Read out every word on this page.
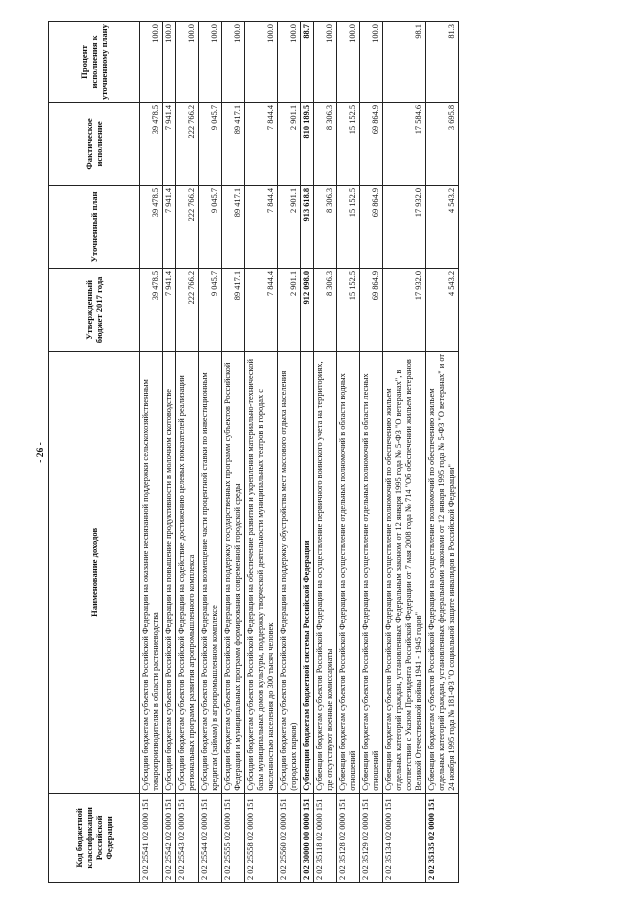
- 26 -
Код бюджетной классификации Российской Федерации	Наименование доходов	Утвержденный бюджет 2017 года	Уточненный план	Фактическое исполнение	Процент исполнения к уточненному плану
2 02 25541 02 0000 151	Субсидии бюджетам субъектов Российской Федерации на оказание несвязанной поддержки сельскохозяйственным товаропроизводителям в области растениеводства	39 478.5	39 478.5	39 478.5	100.0
2 02 25542 02 0000 151	Субсидии бюджетам субъектов Российской Федерации на повышение продуктивности в молочном скотоводстве	7 941.4	7 941.4	7 941.4	100.0
2 02 25543 02 0000 151	Субсидии бюджетам субъектов Российской Федерации на содействие достижению целевых показателей реализации региональных программ развития агропромышленного комплекса	222 766.2	222 766.2	222 766.2	100.0
2 02 25544 02 0000 151	Субсидии бюджетам субъектов Российской Федерации на возмещение части процентной ставки по инвестиционным кредитам (займам) в агропромышленном комплексе	9 045.7	9 045.7	9 045.7	100.0
2 02 25555 02 0000 151	Субсидии бюджетам субъектов Российской Федерации на поддержку государственных программ субъектов Российской Федерации и муниципальных программ формирования современной городской среды	89 417.1	89 417.1	89 417.1	100.0
2 02 25558 02 0000 151	Субсидии бюджетам субъектов Российской Федерации на обеспечение развития и укрепления материально-технической базы муниципальных домов культуры, поддержку творческой деятельности муниципальных театров в городах с численностью населения до 300 тысяч человек	7 844.4	7 844.4	7 844.4	100.0
2 02 25560 02 0000 151	Субсидии бюджетам субъектов Российской Федерации на поддержку обустройства мест массового отдыха населения (городских парков)	2 901.1	2 901.1	2 901.1	100.0
2 02 30000 00 0000 151	Субвенции бюджетам бюджетной системы Российской Федерации	912 098.0	913 618.8	810 189.5	88.7
2 02 35118 02 0000 151	Субвенции бюджетам субъектов Российской Федерации на осуществление первичного воинского учета на территориях, где отсутствуют военные комиссариаты	8 306.3	8 306.3	8 306.3	100.0
2 02 35128 02 0000 151	Субвенции бюджетам субъектов Российской Федерации на осуществление отдельных полномочий в области водных отношений	15 152.5	15 152.5	15 152.5	100.0
2 02 35129 02 0000 151	Субвенции бюджетам субъектов Российской Федерации на осуществление отдельных полномочий в области лесных отношений	69 864.9	69 864.9	69 864.9	100.0
2 02 35134 02 0000 151	Субвенции бюджетам субъектов Российской Федерации на осуществление полномочий по обеспечению жильем отдельных категорий граждан, установленных Федеральным законом от 12 января 1995 года № 5-ФЗ "О ветеранах", в соответствии с Указом Президента Российской Федерации от 7 мая 2008 года № 714 "Об обеспечении жильем ветеранов Великой Отечественной войны 1941 - 1945 годов"	17 932.0	17 932.0	17 584.6	98.1
2 02 35135 02 0000 151	Субвенции бюджетам субъектов Российской Федерации на осуществление полномочий по обеспечению жильем отдельных категорий граждан, установленных федеральными законами от 12 января 1995 года № 5-ФЗ "О ветеранах" и от 24 ноября 1995 года № 181-ФЗ "О социальной защите инвалидов в Российской Федерации"	4 543.2	4 543.2	3 695.8	81.3
